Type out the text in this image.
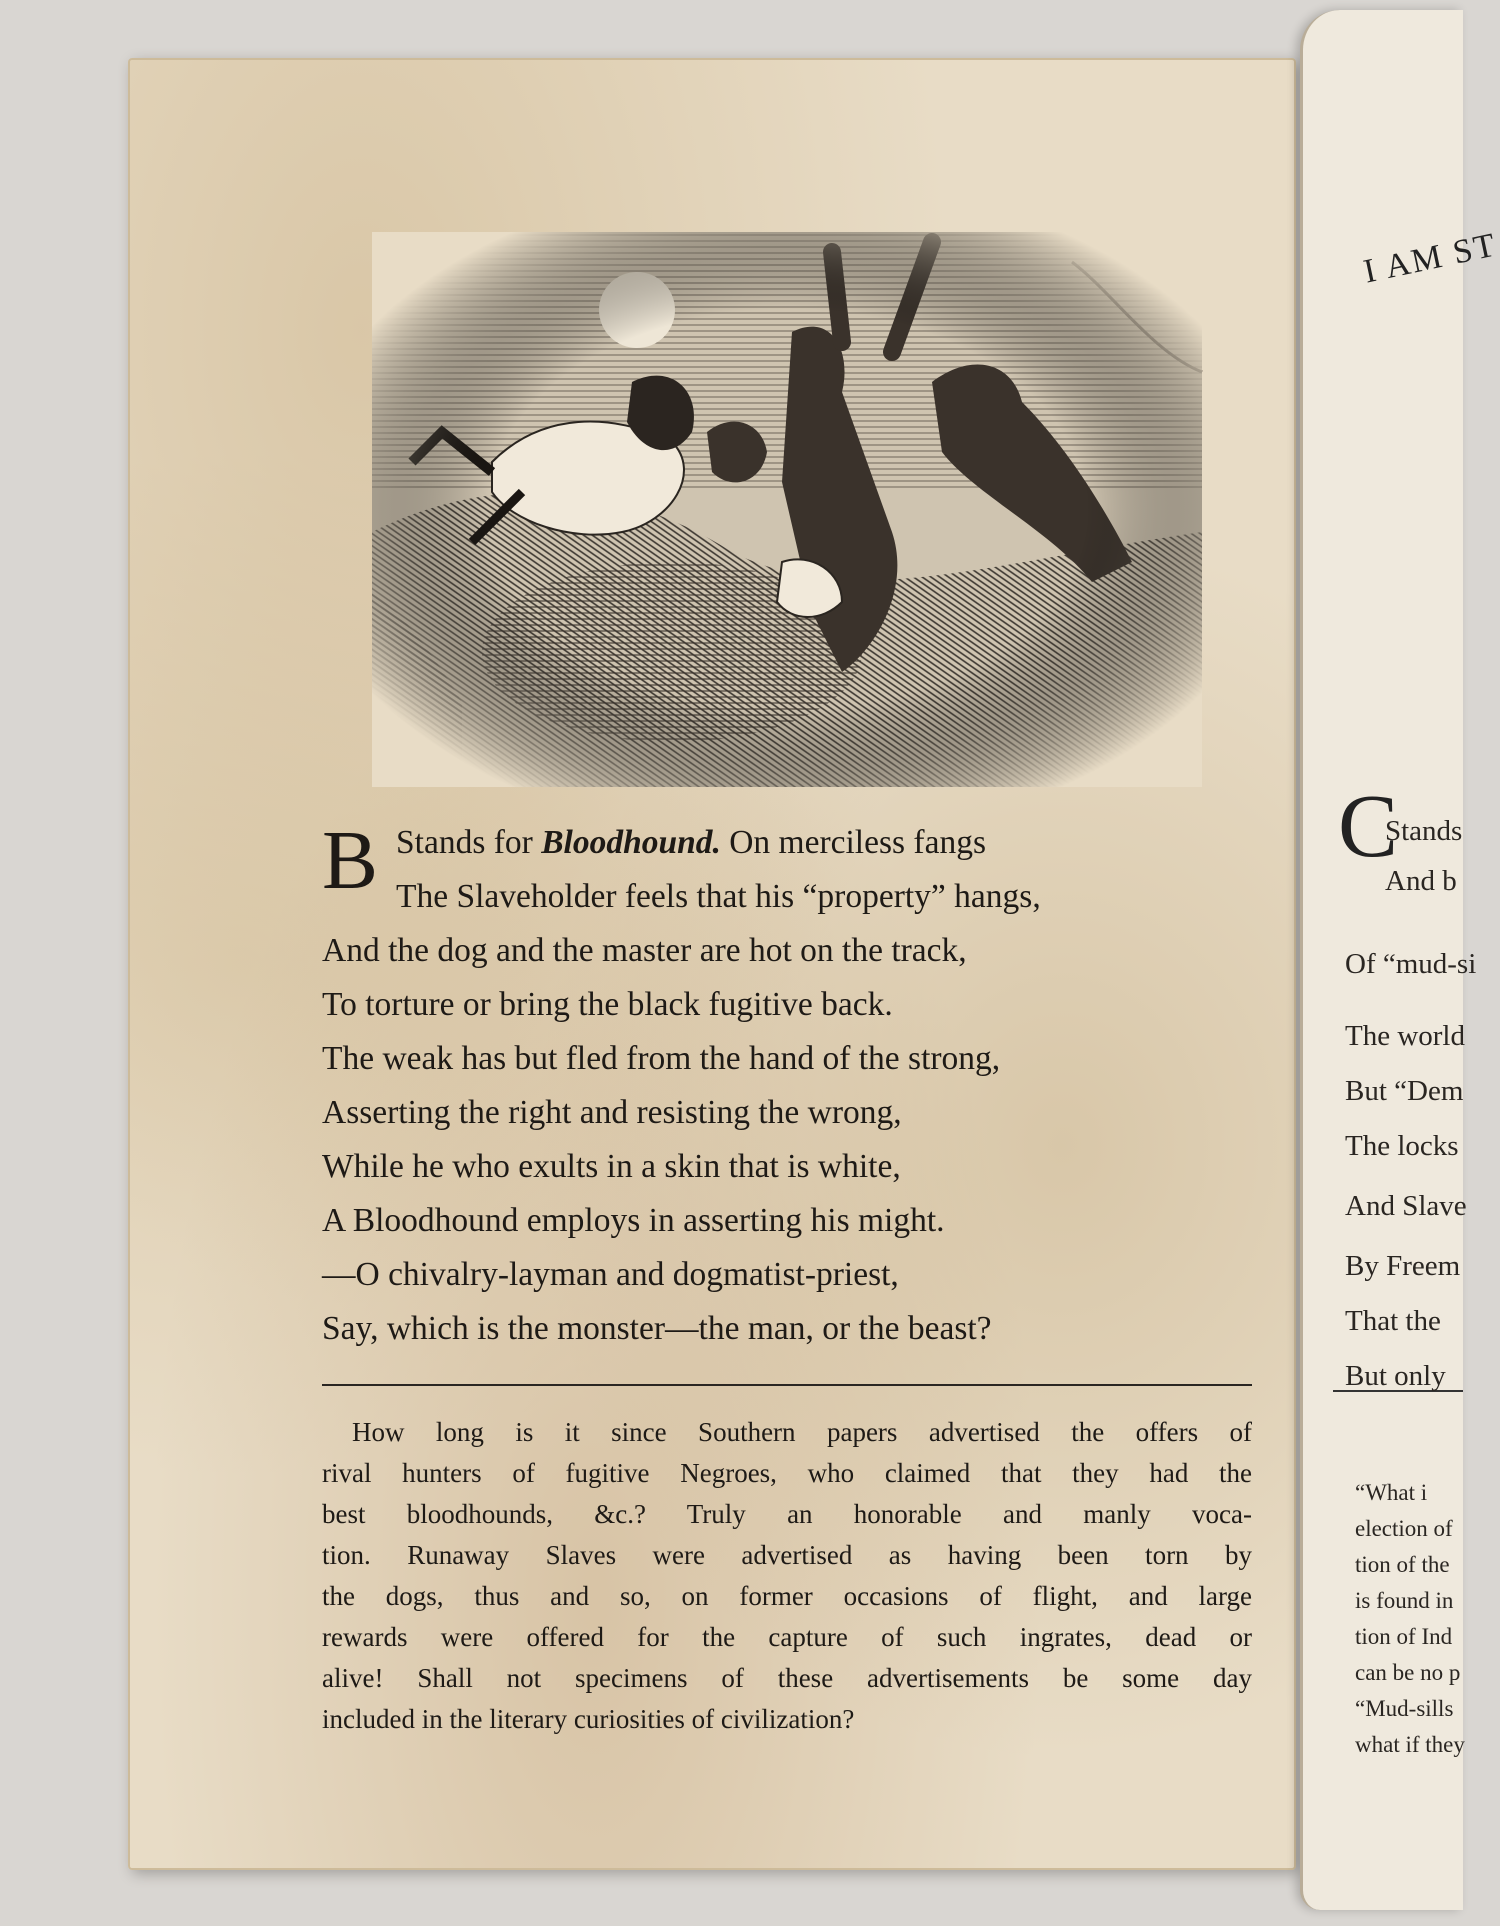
I AM ST
C
Stands
And b
Of “mud-si
The world
But “Dem
The locks
And Slave
By Freem
That the
But only
“What i
election of
tion of the
is found in
tion of Ind
can be no p
“Mud-sills
what if they
B Stands for Bloodhound. On merciless fangs
The Slaveholder feels that his “property” hangs,
And the dog and the master are hot on the track,
To torture or bring the black fugitive back.
The weak has but fled from the hand of the strong,
Asserting the right and resisting the wrong,
While he who exults in a skin that is white,
A Bloodhound employs in asserting his might.
—O chivalry-layman and dogmatist-priest,
Say, which is the monster—the man, or the beast?
How long is it since Southern papers advertised the offers of
rival hunters of fugitive Negroes, who claimed that they had the
best bloodhounds, &c.? Truly an honorable and manly voca-
tion. Runaway Slaves were advertised as having been torn by
the dogs, thus and so, on former occasions of flight, and large
rewards were offered for the capture of such ingrates, dead or
alive! Shall not specimens of these advertisements be some day
included in the literary curiosities of civilization?
